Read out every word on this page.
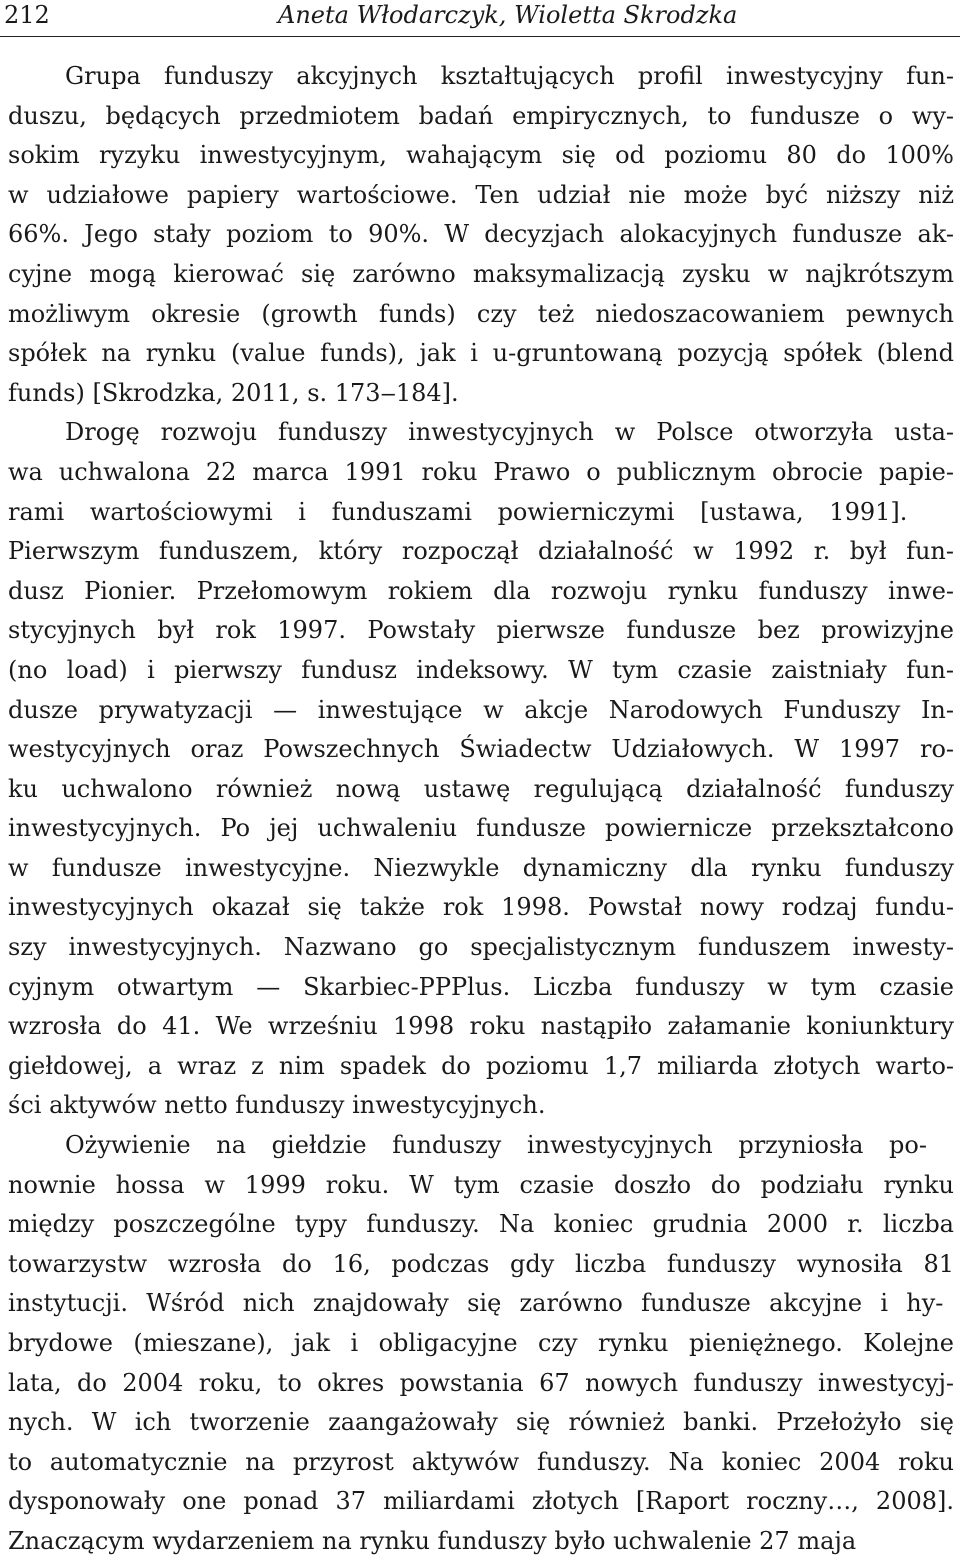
212	Aneta Włodarczyk, Wioletta Skrodzka
Grupa funduszy akcyjnych kształtujących profil inwestycyjny fun-
duszu, będących przedmiotem badań empirycznych, to fundusze o wy-
sokim ryzyku inwestycyjnym, wahającym się od poziomu 80 do 100%
w udziałowe papiery wartościowe. Ten udział nie może być niższy niż
66%. Jego stały poziom to 90%. W decyzjach alokacyjnych fundusze ak-
cyjne mogą kierować się zarówno maksymalizacją zysku w najkrótszym
możliwym okresie (growth funds) czy też niedoszacowaniem pewnych
spółek na rynku (value funds), jak i u-gruntowaną pozycją spółek (blend
funds) [Skrodzka, 2011, s. 173‒184].
Drogę rozwoju funduszy inwestycyjnych w Polsce otworzyła usta-
wa uchwalona 22 marca 1991 roku Prawo o publicznym obrocie papie-
rami wartościowymi i funduszami powierniczymi [ustawa, 1991].
Pierwszym funduszem, który rozpoczął działalność w 1992 r. był fun-
dusz Pionier. Przełomowym rokiem dla rozwoju rynku funduszy inwe-
stycyjnych był rok 1997. Powstały pierwsze fundusze bez prowizyjne
(no load) i pierwszy fundusz indeksowy. W tym czasie zaistniały fun-
dusze prywatyzacji — inwestujące w akcje Narodowych Funduszy In-
westycyjnych oraz Powszechnych Świadectw Udziałowych. W 1997 ro-
ku uchwalono również nową ustawę regulującą działalność funduszy
inwestycyjnych. Po jej uchwaleniu fundusze powiernicze przekształcono
w fundusze inwestycyjne. Niezwykle dynamiczny dla rynku funduszy
inwestycyjnych okazał się także rok 1998. Powstał nowy rodzaj fundu-
szy inwestycyjnych. Nazwano go specjalistycznym funduszem inwesty-
cyjnym otwartym — Skarbiec-PPPlus. Liczba funduszy w tym czasie
wzrosła do 41. We wrześniu 1998 roku nastąpiło załamanie koniunktury
giełdowej, a wraz z nim spadek do poziomu 1,7 miliarda złotych warto-
ści aktywów netto funduszy inwestycyjnych.
Ożywienie na giełdzie funduszy inwestycyjnych przyniosła po-
nownie hossa w 1999 roku. W tym czasie doszło do podziału rynku
między poszczególne typy funduszy. Na koniec grudnia 2000 r. liczba
towarzystw wzrosła do 16, podczas gdy liczba funduszy wynosiła 81
instytucji. Wśród nich znajdowały się zarówno fundusze akcyjne i hy-
brydowe (mieszane), jak i obligacyjne czy rynku pieniężnego. Kolejne
lata, do 2004 roku, to okres powstania 67 nowych funduszy inwestycyj-
nych. W ich tworzenie zaangażowały się również banki. Przełożyło się
to automatycznie na przyrost aktywów funduszy. Na koniec 2004 roku
dysponowały one ponad 37 miliardami złotych [Raport roczny…, 2008].
Znaczącym wydarzeniem na rynku funduszy było uchwalenie 27 maja
